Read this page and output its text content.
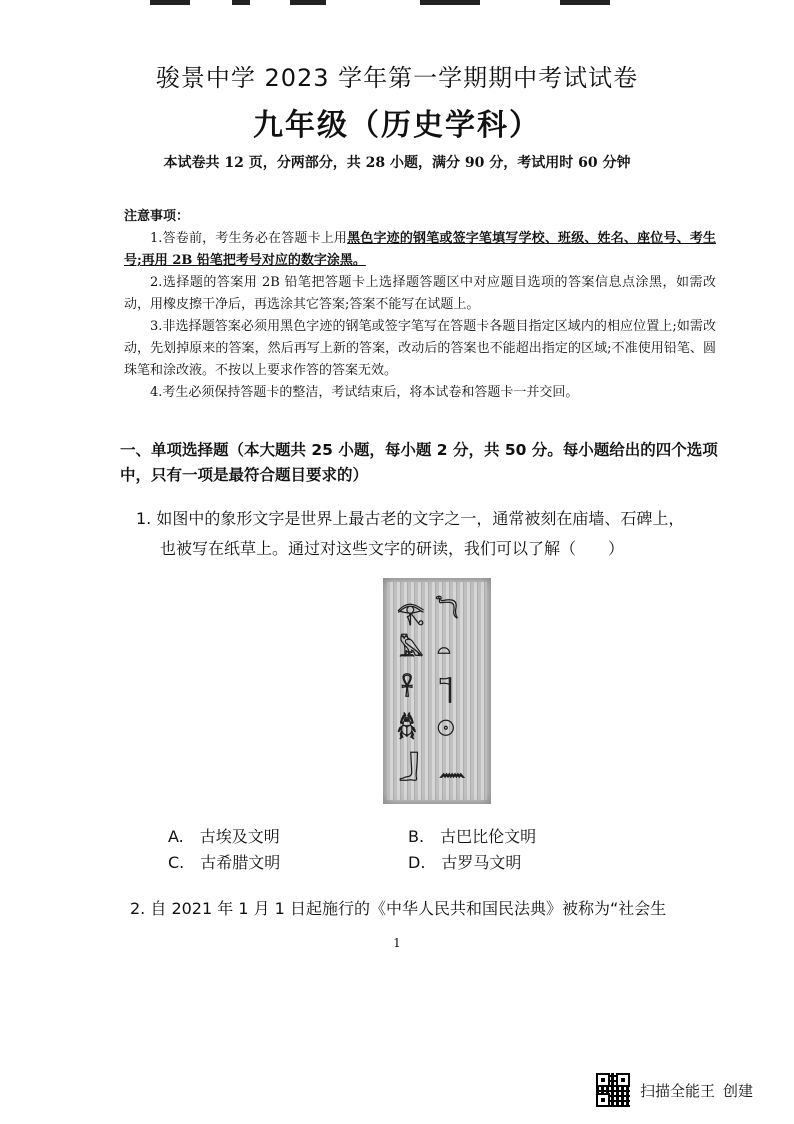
骏景中学 2023 学年第一学期期中考试试卷
九年级（历史学科）
本试卷共 12 页，分两部分，共 28 小题，满分 90 分，考试用时 60 分钟
注意事项：

1.答卷前，考生务必在答题卡上用黑色字迹的钢笔或签字笔填写学校、班级、姓名、座位号、考生号;再用 2B 铅笔把考号对应的数字涂黑。

2.选择题的答案用 2B 铅笔把答题卡上选择题答题区中对应题目选项的答案信息点涂黑，如需改动，用橡皮擦干净后，再选涂其它答案;答案不能写在试题上。

3.非选择题答案必须用黑色字迹的钢笔或签字笔写在答题卡各题目指定区域内的相应位置上;如需改动，先划掉原来的答案，然后再写上新的答案，改动后的答案也不能超出指定的区域;不准使用铅笔、圆珠笔和涂改液。不按以上要求作答的答案无效。

4.考生必须保持答题卡的整洁，考试结束后，将本试卷和答题卡一并交回。

一、单项选择题（本大题共 25 小题，每小题 2 分，共 50 分。每小题给出的四个选项中，只有一项是最符合题目要求的）
1. 如图中的象形文字是世界上最古老的文字之一，通常被刻在庙墙、石碑上，
也被写在纸草上。通过对这些文字的研读，我们可以了解（　　）
𓂀 𓆓
𓅓 𓏏
𓋹 𓊹
𓆣 𓇳
𓃀 𓈖
A.　古埃及文明	B.　古巴比伦文明
C.　古希腊文明	D.　古罗马文明
2. 自 2021 年 1 月 1 日起施行的《中华人民共和国民法典》被称为“社会生
1
扫描全能王 创建
